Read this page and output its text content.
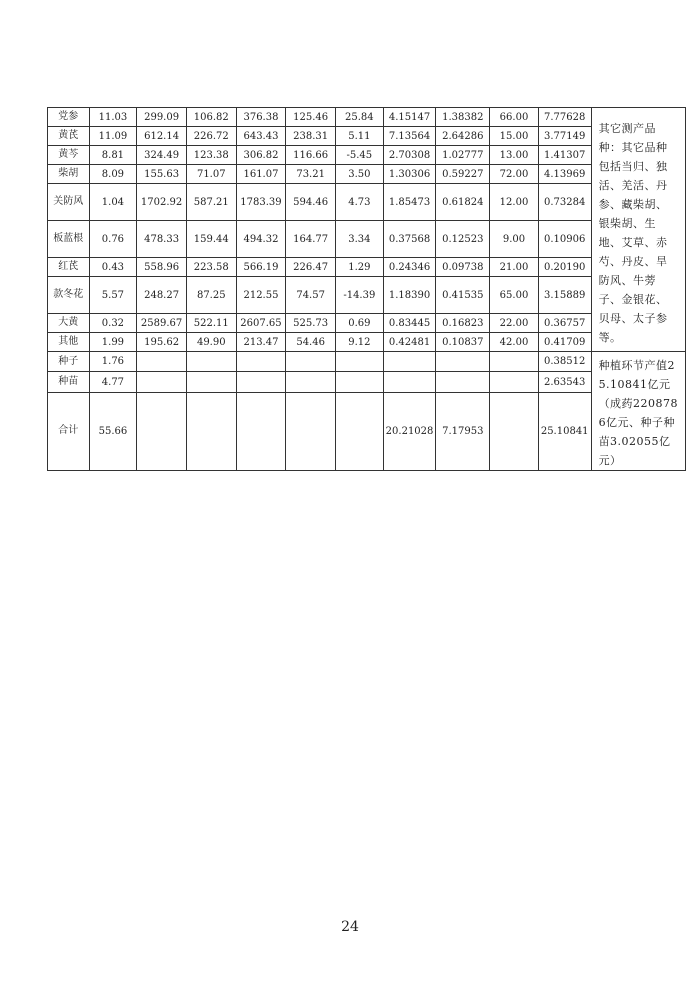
党参	11.03	299.09	106.82	376.38	125.46	25.84	4.15147	1.38382	66.00	7.77628	其它测产品种：其它品种包括当归、独活、羌活、丹参、藏柴胡、银柴胡、生地、艾草、赤芍、丹皮、旱防风、牛蒡子、金银花、贝母、太子参等。
黄芪	11.09	612.14	226.72	643.43	238.31	5.11	7.13564	2.64286	15.00	3.77149	
黄芩	8.81	324.49	123.38	306.82	116.66	-5.45	2.70308	1.02777	13.00	1.41307	
柴胡	8.09	155.63	71.07	161.07	73.21	3.50	1.30306	0.59227	72.00	4.13969	
关防风	1.04	1702.92	587.21	1783.39	594.46	4.73	1.85473	0.61824	12.00	0.73284	
板蓝根	0.76	478.33	159.44	494.32	164.77	3.34	0.37568	0.12523	9.00	0.10906	
红芪	0.43	558.96	223.58	566.19	226.47	1.29	0.24346	0.09738	21.00	0.20190	
款冬花	5.57	248.27	87.25	212.55	74.57	-14.39	1.18390	0.41535	65.00	3.15889	
大黄	0.32	2589.67	522.11	2607.65	525.73	0.69	0.83445	0.16823	22.00	0.36757	
其他	1.99	195.62	49.90	213.47	54.46	9.12	0.42481	0.10837	42.00	0.41709	
种子	1.76									0.38512	种植环节产值25.10841亿元（成药2208786亿元、种子种苗3.02055亿元）
种苗	4.77									2.63543	
合计	55.66						20.21028	7.17953		25.10841	
24
